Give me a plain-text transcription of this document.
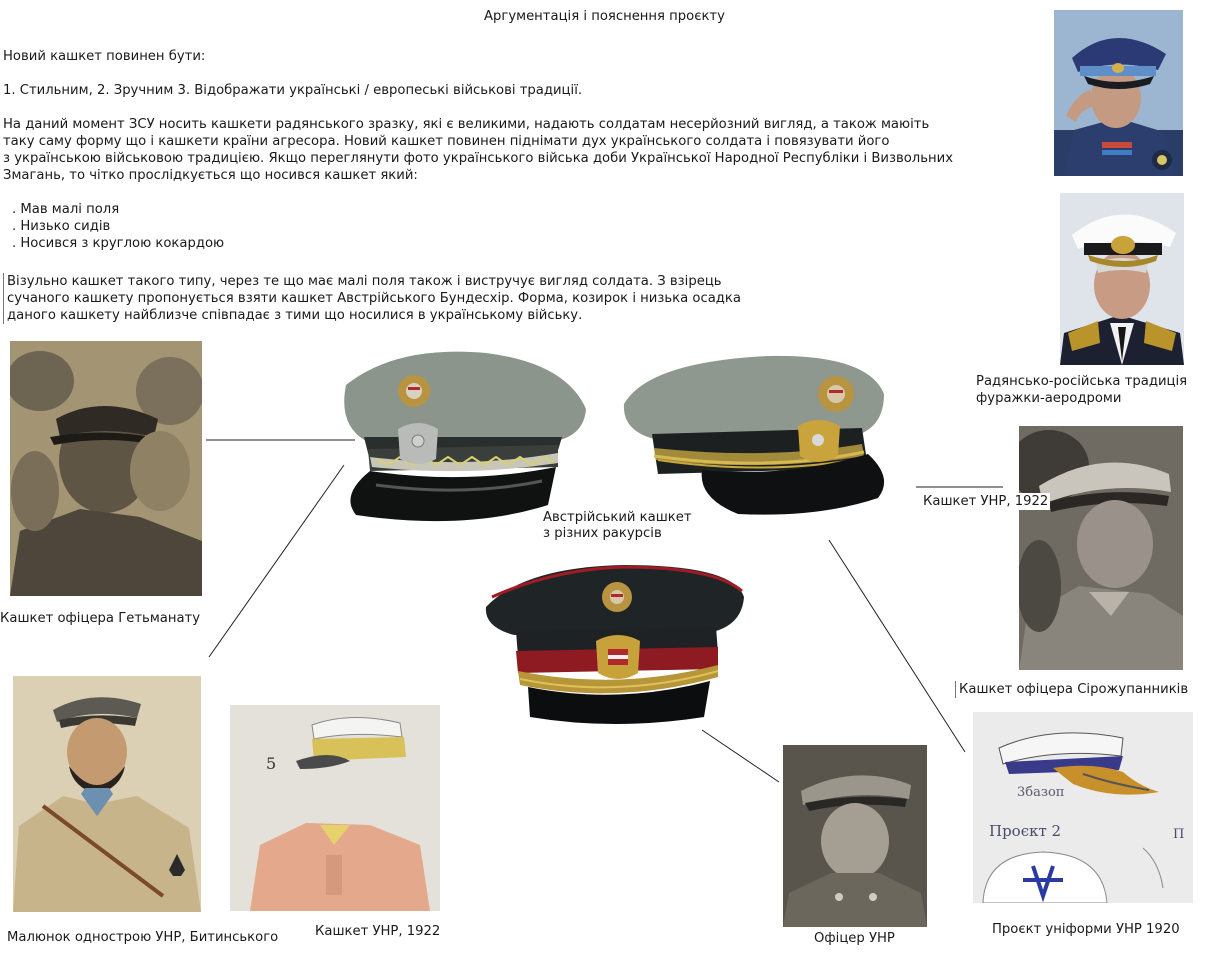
Аргументація і пояснення проєкту
Новий кашкет повинен бути:
1. Стильним, 2. Зручним 3. Відображати українські / европеські військові традиції.
На даний момент ЗСУ носить кашкети радянського зразку, які є великими, надають солдатам несерйозний вигляд, а також маюіть
таку саму форму що і кашкети країни агресора. Новий кашкет повинен піднімати дух українського солдата і повязувати його
з українською військовою традицією. Якщо переглянути фото українського війська доби Української Народної Республіки і Визвольних
Змагань, то чітко прослідкується що носився кашкет який:
. Мав малі поля
. Низько сидів
. Носився з круглою кокардою
Візульно кашкет такого типу, через те що має малі поля також і вистручує вигляд солдата. З взірець
сучаного кашкету пропонується взяти кашкет Австрійського Бундесхір. Форма, козирок і низька осадка
даного кашкету найблизче співпадає з тими що носилися в українському війську.
Радянсько-російська традиція
фуражки-аеродроми
Кашкет офіцера Гетьманату
Австрійський кашкет
з різних ракурсів
Кашкет УНР, 1922
Кашкет офіцера Сірожупанників
Малюнок однострою УНР, Битинського
5
Кашкет УНР, 1922	Офіцер УНР
3базоп
Проєкт 2	П
Проєкт уніформи УНР 1920
